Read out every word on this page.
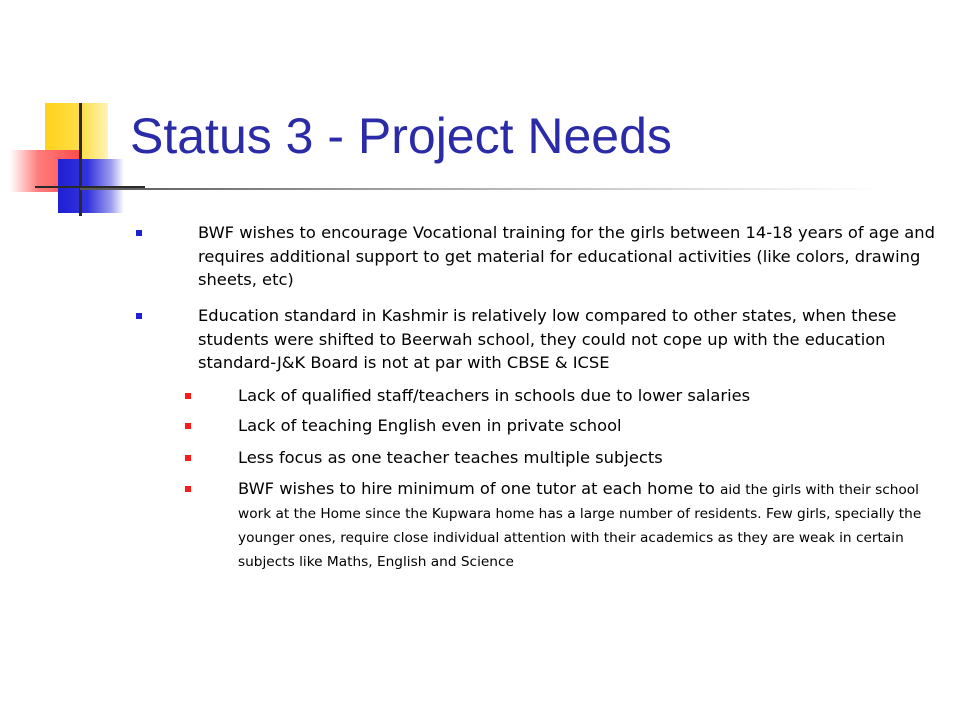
Status 3 - Project Needs
BWF wishes to encourage Vocational training for the girls between 14-18 years of age and requires additional support to get material for educational activities (like colors, drawing sheets, etc)
Education standard in Kashmir is relatively low compared to other states, when these students were shifted to Beerwah school, they could not cope up with the education standard-J&K Board is not at par with CBSE & ICSE
Lack of qualified staff/teachers in schools due to lower salaries
Lack of teaching English even in private school
Less focus as one teacher teaches multiple subjects
BWF wishes to hire minimum of one tutor at each home to aid the girls with their school work at the Home since the Kupwara home has a large number of residents. Few girls, specially the younger ones, require close individual attention with their academics as they are weak in certain subjects like Maths, English and Science
